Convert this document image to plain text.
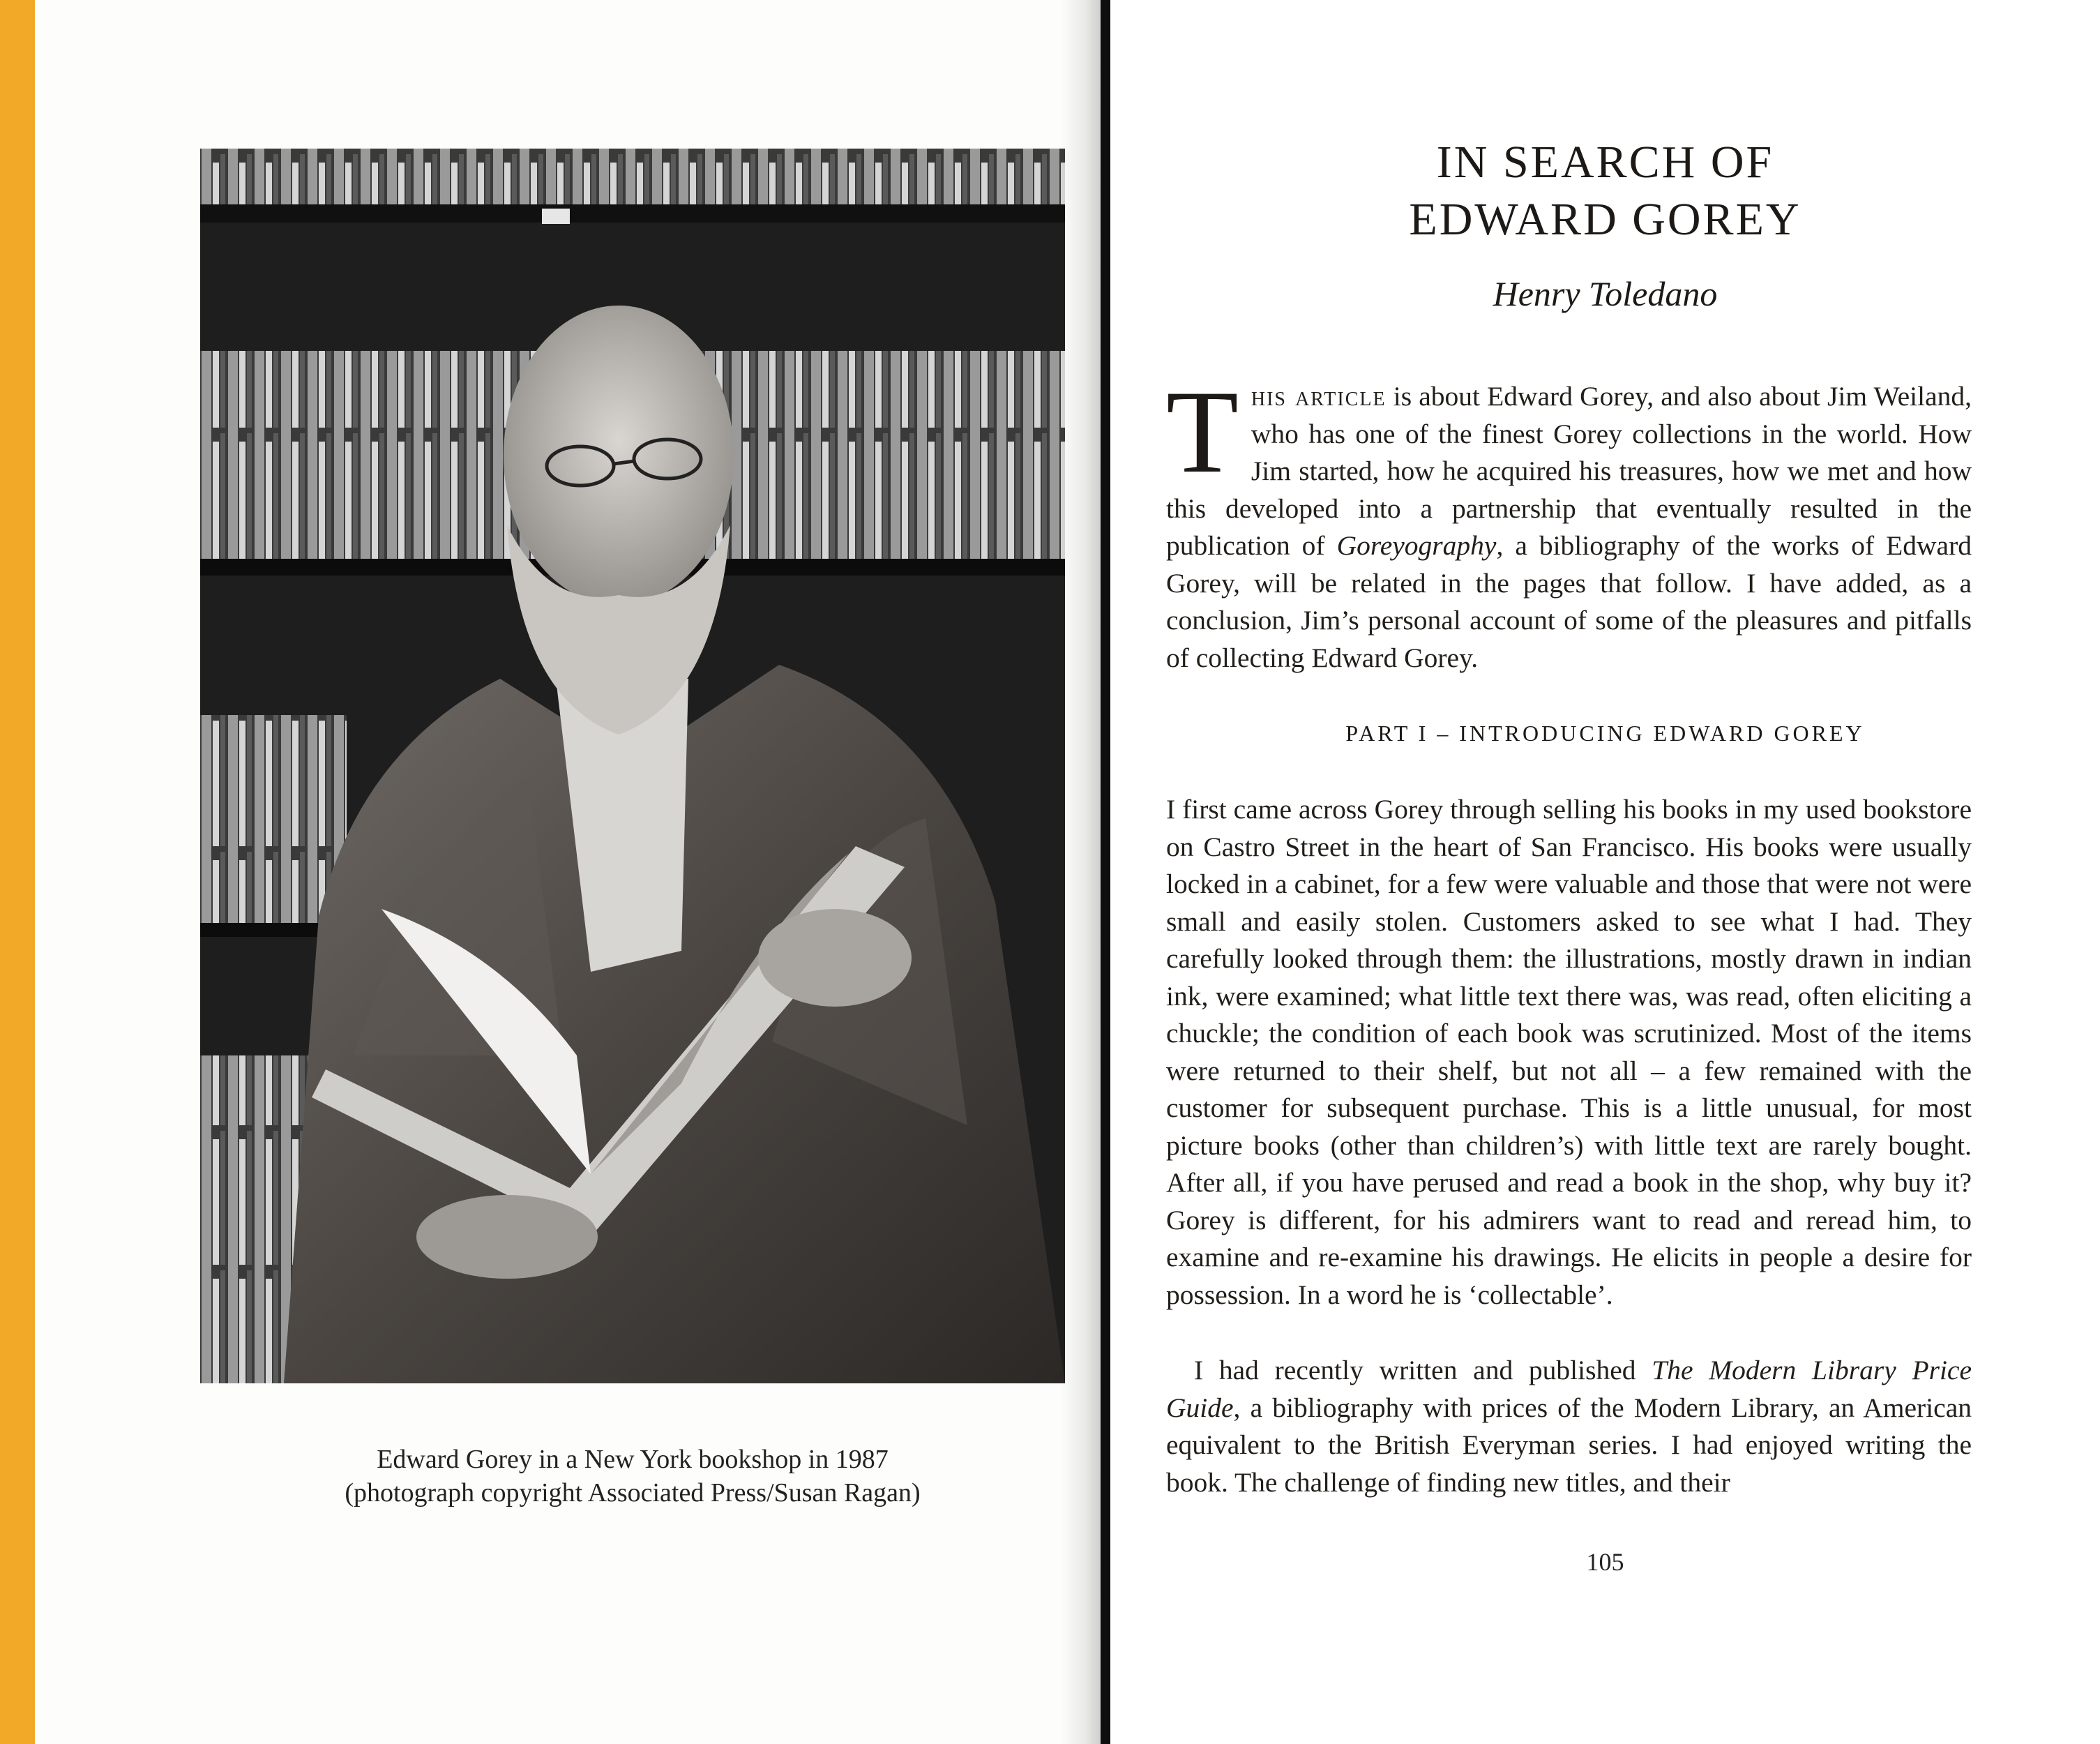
Edward Gorey in a New York bookshop in 1987
(photograph copyright Associated Press/Susan Ragan)
IN SEARCH OF
EDWARD GOREY
Henry Toledano
This article is about Edward Gorey, and also about Jim Weiland, who has one of the finest Gorey collections in the world. How Jim started, how he acquired his treasures, how we met and how this developed into a partnership that eventually resulted in the publication of Goreyography, a bibliography of the works of Edward Gorey, will be related in the pages that follow. I have added, as a conclusion, Jim’s personal account of some of the pleasures and pitfalls of collecting Edward Gorey.
PART I – INTRODUCING EDWARD GOREY
I first came across Gorey through selling his books in my used bookstore on Castro Street in the heart of San Francisco. His books were usually locked in a cabinet, for a few were valuable and those that were not were small and easily stolen. Customers asked to see what I had. They carefully looked through them: the illustrations, mostly drawn in indian ink, were examined; what little text there was, was read, often eliciting a chuckle; the condition of each book was scrutinized. Most of the items were returned to their shelf, but not all – a few remained with the customer for subsequent purchase. This is a little unusual, for most picture books (other than children’s) with little text are rarely bought. After all, if you have perused and read a book in the shop, why buy it? Gorey is different, for his admirers want to read and reread him, to examine and re-examine his drawings. He elicits in people a desire for possession. In a word he is ‘collectable’.
I had recently written and published The Modern Library Price Guide, a bibliography with prices of the Modern Library, an American equivalent to the British Everyman series. I had enjoyed writing the book. The challenge of finding new titles, and their
105
